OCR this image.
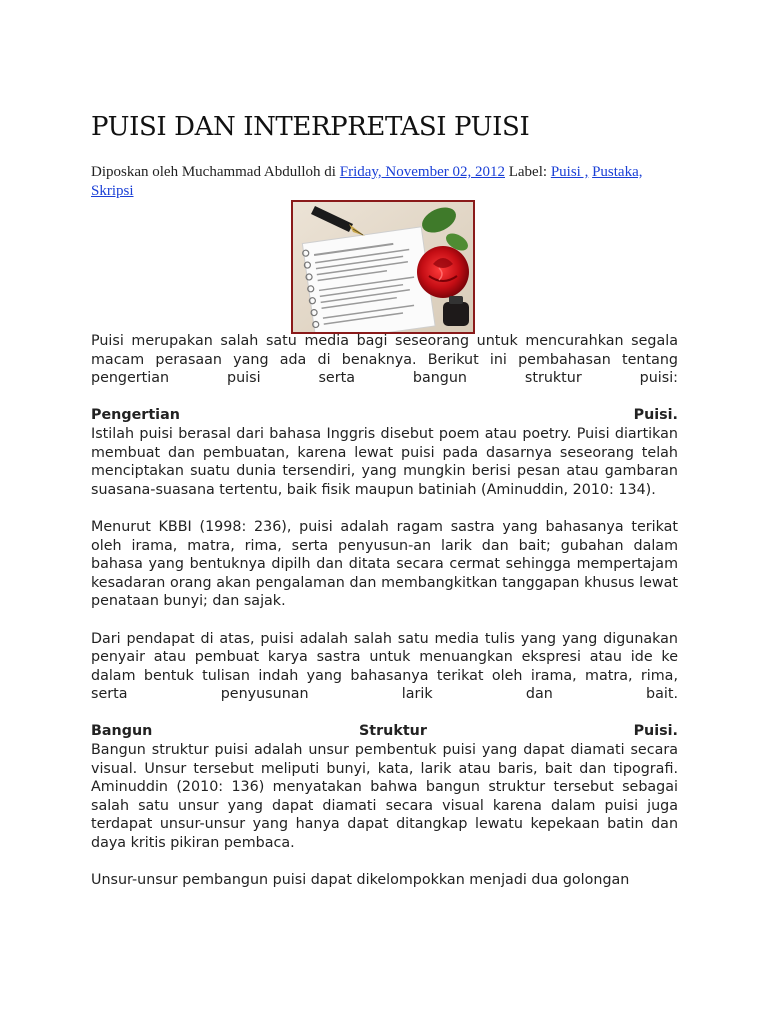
PUISI DAN INTERPRETASI PUISI
Diposkan oleh Muchammad Abdulloh di Friday, November 02, 2012 Label: Puisi , Pustaka,
Skripsi

Puisi merupakan salah satu media bagi seseorang untuk mencurahkan segala macam perasaan yang ada di benaknya. Berikut ini pembahasan tentang pengertian puisi serta bangun struktur puisi:

Pengertian	Puisi.

Istilah puisi berasal dari bahasa Inggris disebut poem atau poetry. Puisi diartikan membuat dan pembuatan, karena lewat puisi pada dasarnya seseorang telah menciptakan suatu dunia tersendiri, yang mungkin berisi pesan atau gambaran suasana-suasana tertentu, baik fisik maupun batiniah (Aminuddin, 2010: 134).

Menurut KBBI (1998: 236), puisi adalah ragam sastra yang bahasanya terikat oleh irama, matra, rima, serta penyusun-an larik dan bait; gubahan dalam bahasa yang bentuknya dipilh dan ditata secara cermat sehingga mempertajam kesadaran orang akan pengalaman dan membangkitkan tanggapan khusus lewat penataan bunyi; dan sajak.

Dari pendapat di atas, puisi adalah salah satu media tulis yang yang digunakan penyair atau pembuat karya sastra untuk menuangkan ekspresi atau ide ke dalam bentuk tulisan indah yang bahasanya terikat oleh irama, matra, rima, serta penyusunan larik dan bait.

Bangun	Struktur	Puisi.

Bangun struktur puisi adalah unsur pembentuk puisi yang dapat diamati secara visual. Unsur tersebut meliputi bunyi, kata, larik atau baris, bait dan tipografi. Aminuddin (2010: 136) menyatakan bahwa bangun struktur tersebut sebagai salah satu unsur yang dapat diamati secara visual karena dalam puisi juga terdapat unsur-unsur yang hanya dapat ditangkap lewatu kepekaan batin dan daya kritis pikiran pembaca.

Unsur-unsur pembangun puisi dapat dikelompokkan menjadi dua golongan
